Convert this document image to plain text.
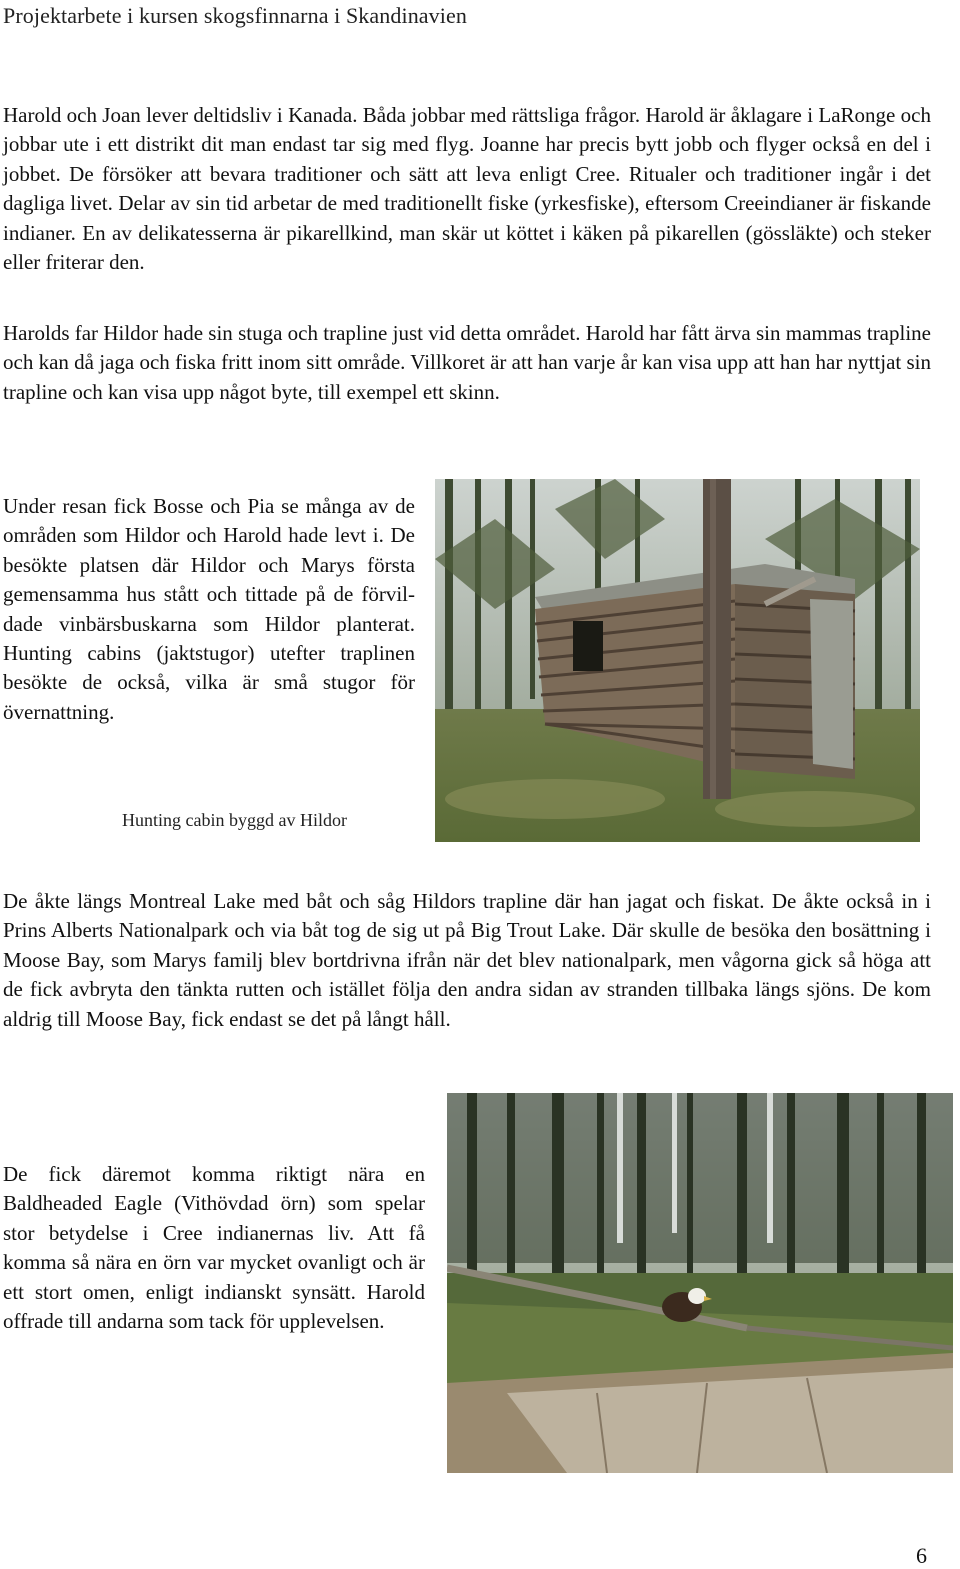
Projektarbete i kursen skogsfinnarna i Skandinavien

Harold och Joan lever deltidsliv i Kanada. Båda jobbar med rättsliga frågor. Harold är åklagare i LaRonge och jobbar ute i ett distrikt dit man endast tar sig med flyg. Joanne har precis bytt jobb och flyger också en del i jobbet. De försöker att bevara traditioner och sätt att leva enligt Cree. Ritualer och traditioner ingår i det dagliga livet. Delar av sin tid arbetar de med traditionellt fiske (yrkesfiske), eftersom Creeindianer är fiskande indianer. En av delikatesserna är pikarellkind, man skär ut köttet i käken på pikarellen (gössläkte) och steker eller friterar den.

Harolds far Hildor hade sin stuga och trapline just vid detta området. Harold har fått ärva sin mammas trapline och kan då jaga och fiska fritt inom sitt område. Villkoret är att han varje år kan visa upp att han har nyttjat sin trapline och kan visa upp något byte, till exempel ett skinn.

Under resan fick Bosse och Pia se många av de områden som Hildor och Harold hade levt i. De besökte platsen där Hildor och Marys första gemensamma hus stått och tittade på de förvildade vinbärsbuskarna som Hildor planterat. Hunting cabins (jaktstugor) utefter traplinen besökte de också, vilka är små stugor för övernattning.

Hunting cabin byggd av Hildor

De åkte längs Montreal Lake med båt och såg Hildors trapline där han jagat och fiskat. De åkte också in i Prins Alberts Nationalpark och via båt tog de sig ut på Big Trout Lake. Där skulle de besöka den bosättning i Moose Bay, som Marys familj blev bortdrivna ifrån när det blev nationalpark, men vågorna gick så höga att de fick avbryta den tänkta rutten och istället följa den andra sidan av stranden tillbaka längs sjöns. De kom aldrig till Moose Bay, fick endast se det på långt håll.

De fick däremot komma riktigt nära en Baldheaded Eagle (Vithövdad örn) som spelar stor betydelse i Cree indianernas liv. Att få komma så nära en örn var mycket ovanligt och är ett stort omen, enligt indianskt synsätt. Harold offrade till andarna som tack för upplevelsen.

6
